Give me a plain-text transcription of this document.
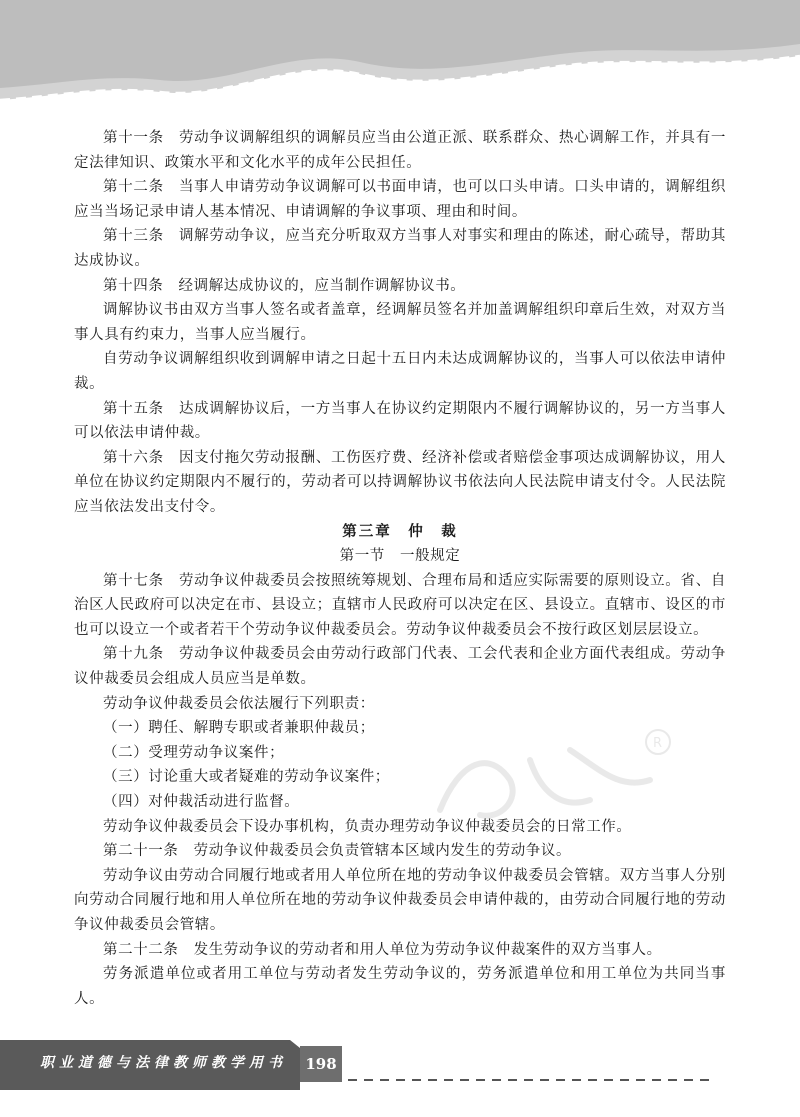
第十一条　劳动争议调解组织的调解员应当由公道正派、联系群众、热心调解工作，并具有一定法律知识、政策水平和文化水平的成年公民担任。

第十二条　当事人申请劳动争议调解可以书面申请，也可以口头申请。口头申请的，调解组织应当当场记录申请人基本情况、申请调解的争议事项、理由和时间。

第十三条　调解劳动争议，应当充分听取双方当事人对事实和理由的陈述，耐心疏导，帮助其达成协议。

第十四条　经调解达成协议的，应当制作调解协议书。

调解协议书由双方当事人签名或者盖章，经调解员签名并加盖调解组织印章后生效，对双方当事人具有约束力，当事人应当履行。

自劳动争议调解组织收到调解申请之日起十五日内未达成调解协议的，当事人可以依法申请仲裁。

第十五条　达成调解协议后，一方当事人在协议约定期限内不履行调解协议的，另一方当事人可以依法申请仲裁。

第十六条　因支付拖欠劳动报酬、工伤医疗费、经济补偿或者赔偿金事项达成调解协议，用人单位在协议约定期限内不履行的，劳动者可以持调解协议书依法向人民法院申请支付令。人民法院应当依法发出支付令。

第三章　仲　裁

第一节　一般规定

第十七条　劳动争议仲裁委员会按照统筹规划、合理布局和适应实际需要的原则设立。省、自治区人民政府可以决定在市、县设立；直辖市人民政府可以决定在区、县设立。直辖市、设区的市也可以设立一个或者若干个劳动争议仲裁委员会。劳动争议仲裁委员会不按行政区划层层设立。

第十九条　劳动争议仲裁委员会由劳动行政部门代表、工会代表和企业方面代表组成。劳动争议仲裁委员会组成人员应当是单数。

劳动争议仲裁委员会依法履行下列职责：

（一）聘任、解聘专职或者兼职仲裁员；

（二）受理劳动争议案件；

（三）讨论重大或者疑难的劳动争议案件；

（四）对仲裁活动进行监督。

劳动争议仲裁委员会下设办事机构，负责办理劳动争议仲裁委员会的日常工作。

第二十一条　劳动争议仲裁委员会负责管辖本区域内发生的劳动争议。

劳动争议由劳动合同履行地或者用人单位所在地的劳动争议仲裁委员会管辖。双方当事人分别向劳动合同履行地和用人单位所在地的劳动争议仲裁委员会申请仲裁的，由劳动合同履行地的劳动争议仲裁委员会管辖。

第二十二条　发生劳动争议的劳动者和用人单位为劳动争议仲裁案件的双方当事人。

劳务派遣单位或者用工单位与劳动者发生劳动争议的，劳务派遣单位和用工单位为共同当事人。

R
职业道德与法律教师教学用书	198
